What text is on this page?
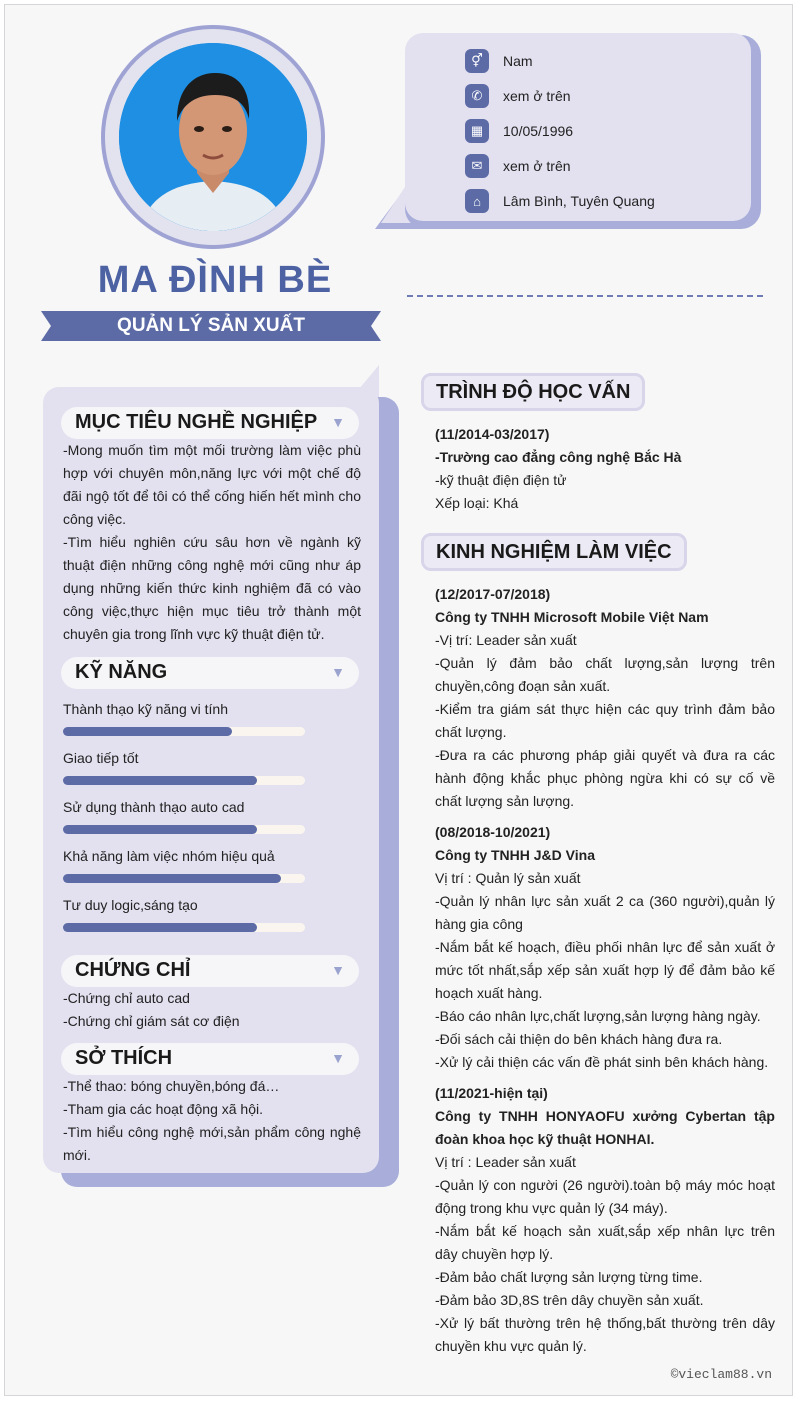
MA ĐÌNH BÈ
QUẢN LÝ SẢN XUẤT
⚥	Nam
✆	xem ở trên
▦	10/05/1996
✉	xem ở trên
⌂	Lâm Bình, Tuyên Quang
MỤC TIÊU NGHỀ NGHIỆP ▼
-Mong muốn tìm một mối trường làm việc phù hợp với chuyên môn,năng lực với một chế độ đãi ngộ tốt để tôi có thể cống hiến hết mình cho công việc.
-Tìm hiểu nghiên cứu sâu hơn về ngành kỹ thuật điện những công nghệ mới cũng như áp dụng những kiến thức kinh nghiệm đã có vào công việc,thực hiện mục tiêu trở thành một chuyên gia trong lĩnh vực kỹ thuật điện tử.
KỸ NĂNG	▼
Thành thạo kỹ năng vi tính
Giao tiếp tốt
Sử dụng thành thạo auto cad
Khả năng làm việc nhóm hiệu quả
Tư duy logic,sáng tạo
CHỨNG CHỈ	▼
-Chứng chỉ auto cad
-Chứng chỉ giám sát cơ điện
SỞ THÍCH	▼
-Thể thao: bóng chuyền,bóng đá…
-Tham gia các hoạt động xã hội.
-Tìm hiểu công nghệ mới,sản phẩm công nghệ mới.
TRÌNH ĐỘ HỌC VẤN
(11/2014-03/2017)
-Trường cao đẳng công nghệ Bắc Hà
-kỹ thuật điện điện tử
Xếp loại: Khá
KINH NGHIỆM LÀM VIỆC
(12/2017-07/2018)
Công ty TNHH Microsoft Mobile Việt Nam
-Vị trí: Leader sản xuất
-Quản lý đảm bảo chất lượng,sản lượng trên chuyền,công đoạn sản xuất.
-Kiểm tra giám sát thực hiện các quy trình đảm bảo chất lượng.
-Đưa ra các phương pháp giải quyết và đưa ra các hành động khắc phục phòng ngừa khi có sự cố về chất lượng sản lượng.
(08/2018-10/2021)
Công ty TNHH J&D Vina
Vị trí : Quản lý sản xuất
-Quản lý nhân lực sản xuất 2 ca (360 người),quản lý hàng gia công
-Nắm bắt kế hoạch, điều phối nhân lực để sản xuất ở mức tốt nhất,sắp xếp sản xuất hợp lý để đảm bảo kế hoạch xuất hàng.
-Báo cáo nhân lực,chất lượng,sản lượng hàng ngày.
-Đối sách cải thiện do bên khách hàng đưa ra.
-Xử lý cải thiện các vấn đề phát sinh bên khách hàng.
(11/2021-hiện tại)
Công ty TNHH HONYAOFU xưởng Cybertan tập đoàn khoa học kỹ thuật HONHAI.
Vị trí : Leader sản xuất
-Quản lý con người (26 người).toàn bộ máy móc hoạt động trong khu vực quản lý (34 máy).
-Nắm bắt kế hoạch sản xuất,sắp xếp nhân lực trên dây chuyền hợp lý.
-Đảm bảo chất lượng sản lượng từng time.
-Đảm bảo 3D,8S trên dây chuyền sản xuất.
-Xử lý bất thường trên hệ thống,bất thường trên dây chuyền khu vực quản lý.
©vieclam88.vn
